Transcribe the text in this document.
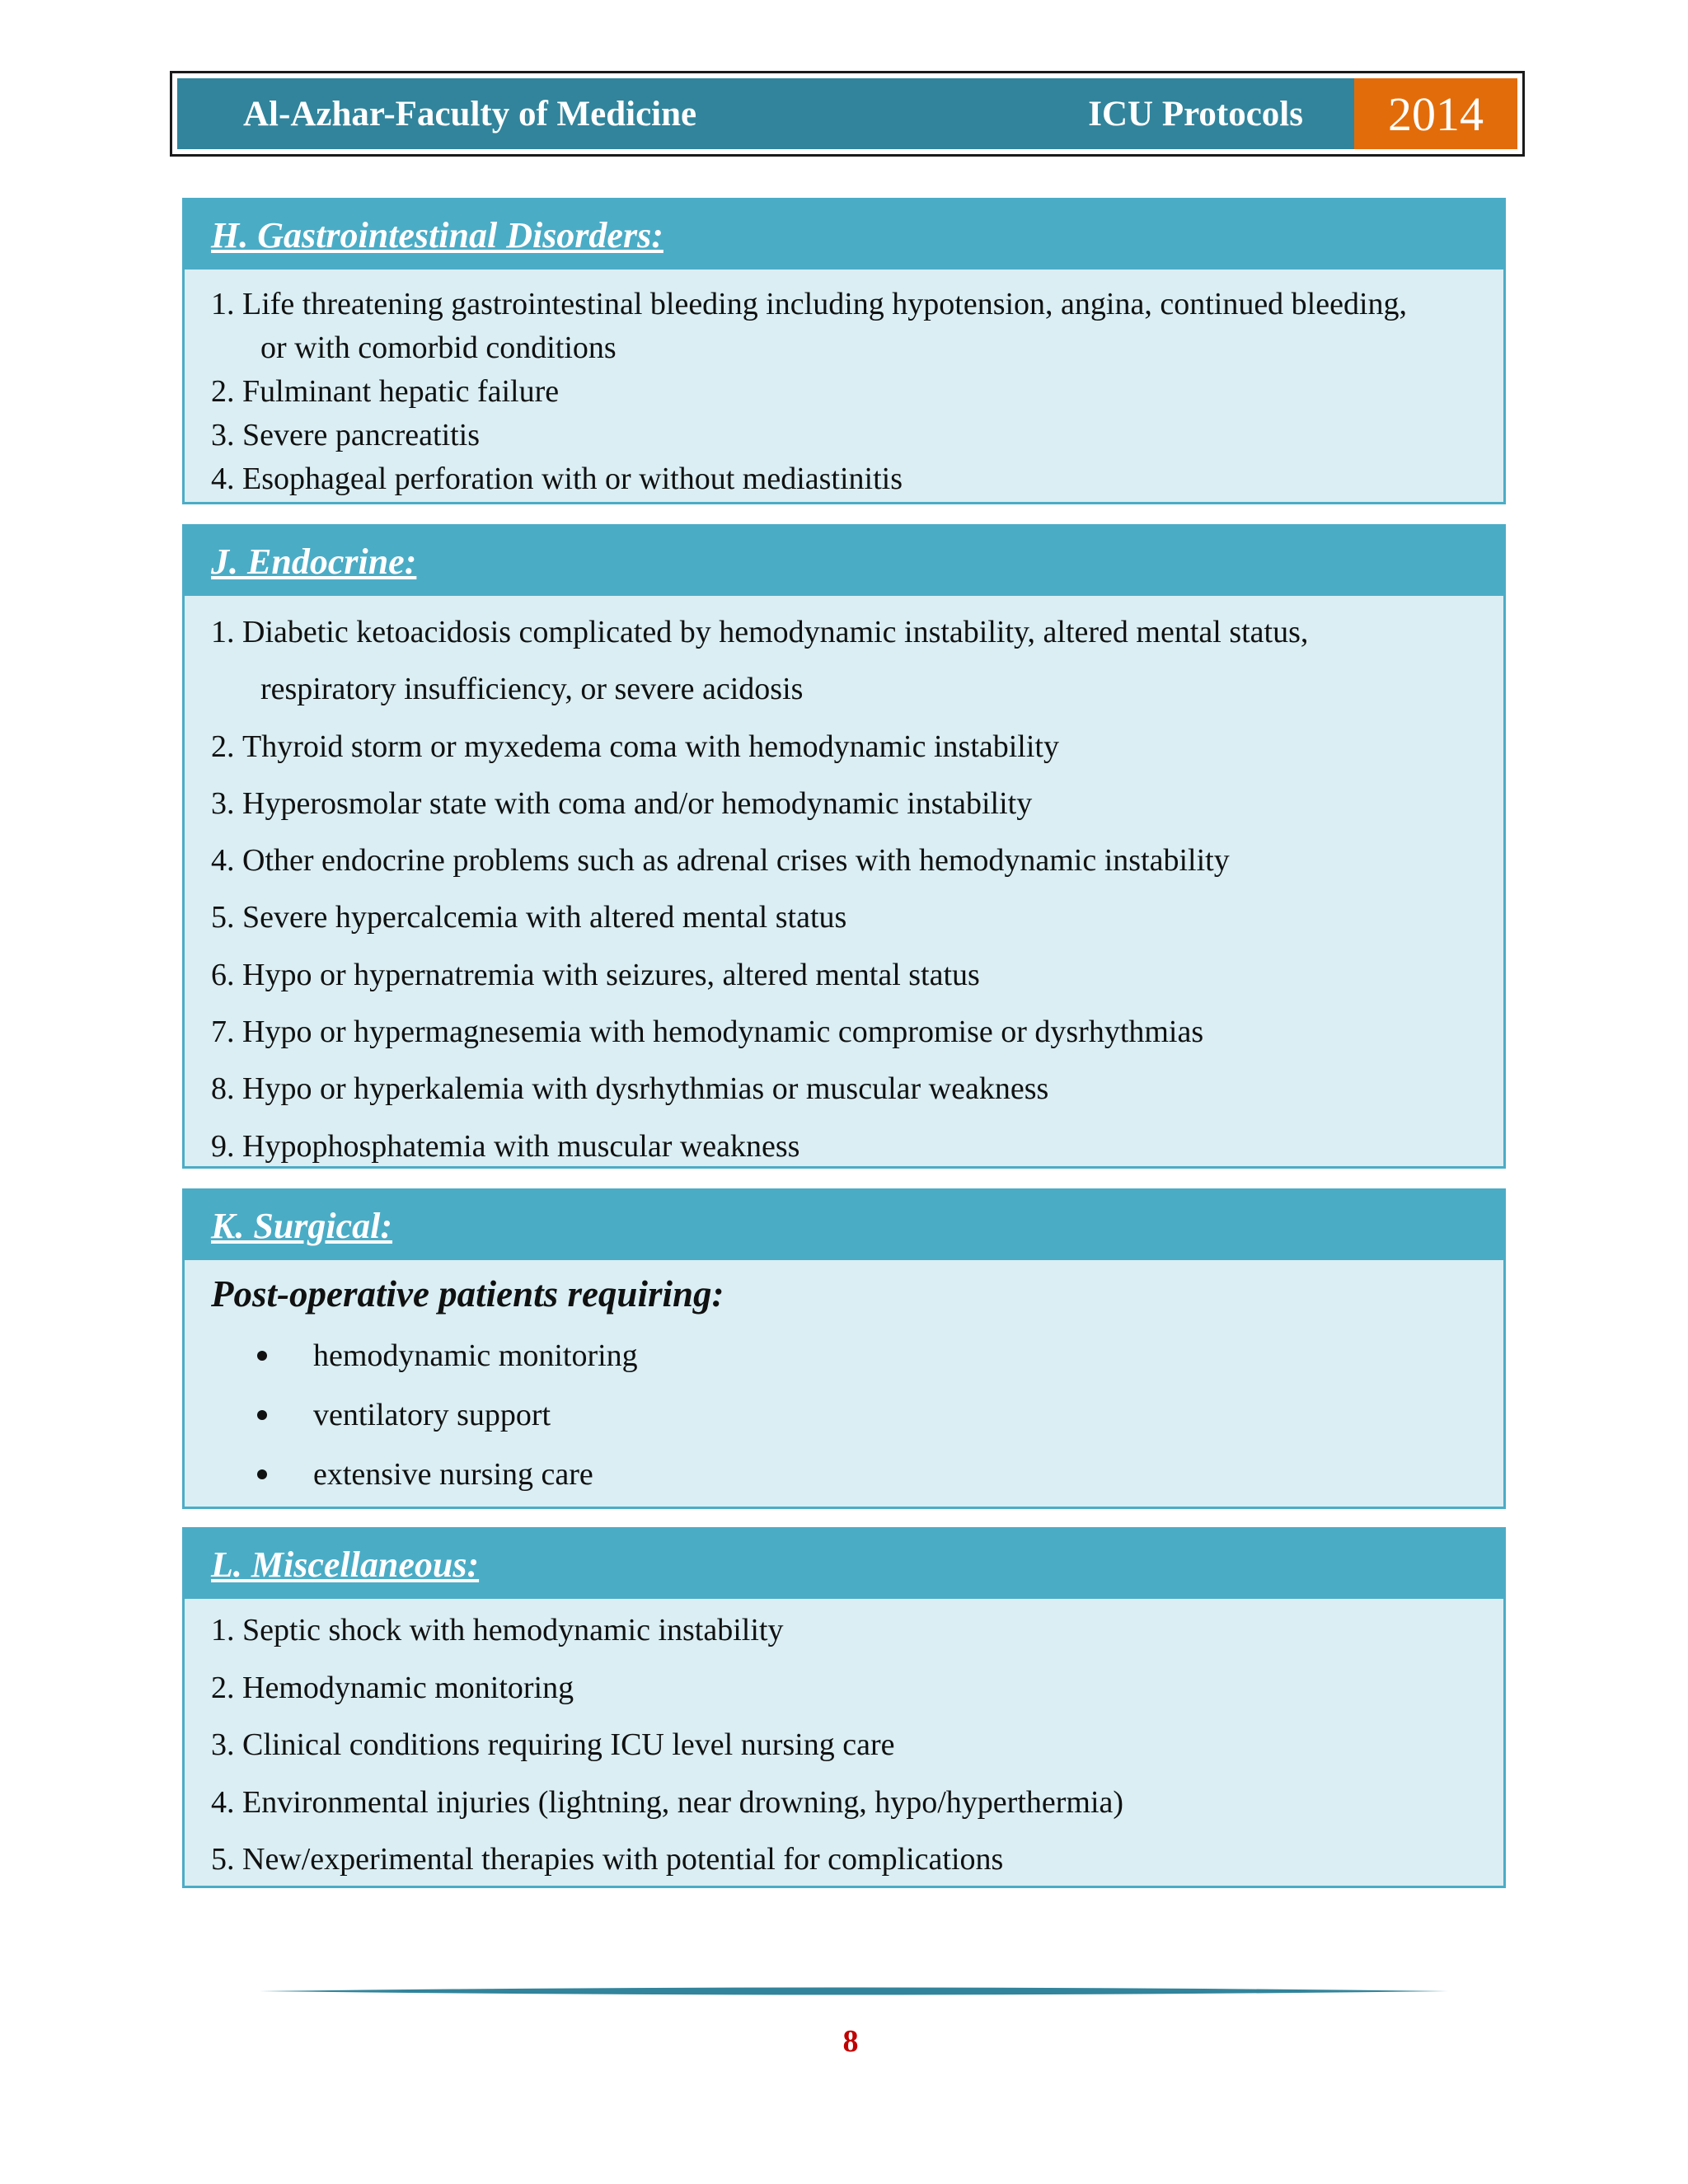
Al-Azhar-Faculty of Medicine	ICU Protocols	2014
H. Gastrointestinal Disorders:
1. Life threatening gastrointestinal bleeding including hypotension, angina, continued bleeding,
or with comorbid conditions
2. Fulminant hepatic failure
3. Severe pancreatitis
4. Esophageal perforation with or without mediastinitis
J. Endocrine:
1. Diabetic ketoacidosis complicated by hemodynamic instability, altered mental status,
respiratory insufficiency, or severe acidosis
2. Thyroid storm or myxedema coma with hemodynamic instability
3. Hyperosmolar state with coma and/or hemodynamic instability
4. Other endocrine problems such as adrenal crises with hemodynamic instability
5. Severe hypercalcemia with altered mental status
6. Hypo or hypernatremia with seizures, altered mental status
7. Hypo or hypermagnesemia with hemodynamic compromise or dysrhythmias
8. Hypo or hyperkalemia with dysrhythmias or muscular weakness
9. Hypophosphatemia with muscular weakness
K. Surgical:
Post-operative patients requiring:
hemodynamic monitoring
ventilatory support
extensive nursing care
L. Miscellaneous:
1. Septic shock with hemodynamic instability
2. Hemodynamic monitoring
3. Clinical conditions requiring ICU level nursing care
4. Environmental injuries (lightning, near drowning, hypo/hyperthermia)
5. New/experimental therapies with potential for complications
8
